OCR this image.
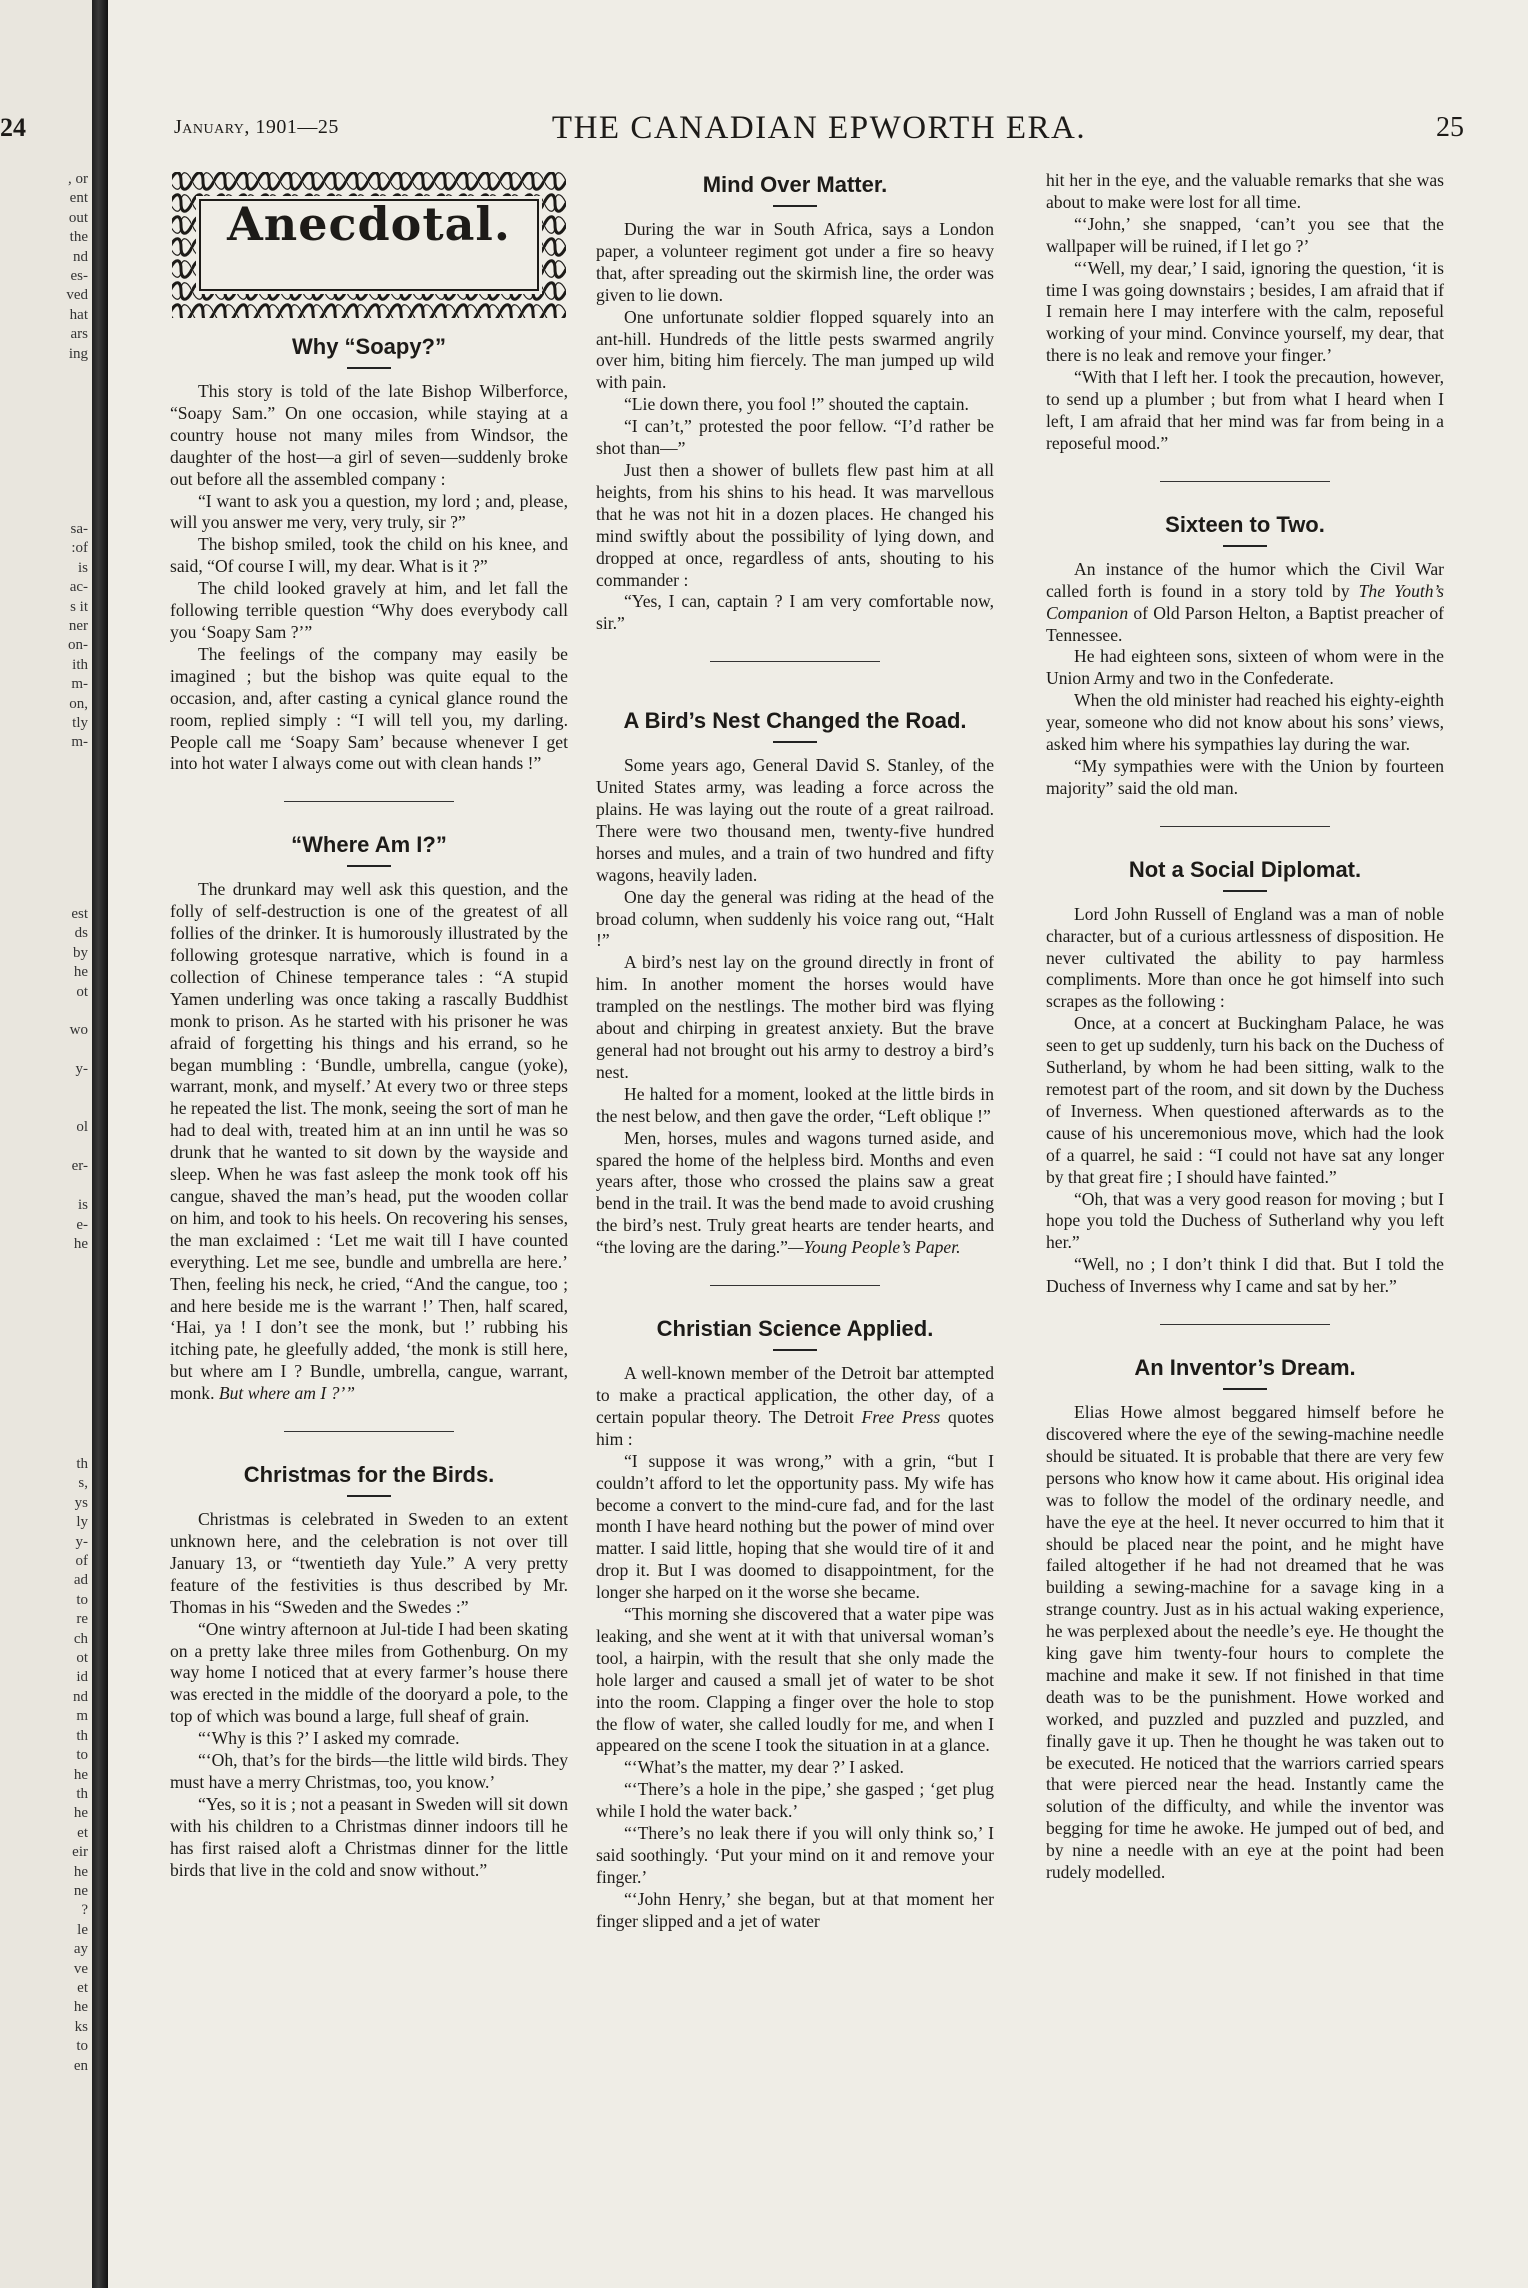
24
, or
ent
out
the
nd
es-
ved
hat
ars
ing
sa-
:of
is
ac-
s it
ner
on-
ith
m-
on,
tly
m-
est
ds
by
he
ot

wo

y-

ol

er-

is
e-
he
th
s,
ys
ly
y-
of
ad
to
re
ch
ot
id
nd
m
th
to
he
th
he
et
eir
he
ne
?
le
ay
ve
et
he
ks
to
en
January, 1901—25	THE CANADIAN EPWORTH ERA.	25
Anecdotal.
Why “Soapy?”

This story is told of the late Bishop Wilberforce, “Soapy Sam.” On one occasion, while staying at a country house not many miles from Windsor, the daughter of the host—a girl of seven—suddenly broke out before all the assembled company :

“I want to ask you a question, my lord ; and, please, will you answer me very, very truly, sir ?”

The bishop smiled, took the child on his knee, and said, “Of course I will, my dear. What is it ?”

The child looked gravely at him, and let fall the following terrible question “Why does everybody call you ‘Soapy Sam ?’”

The feelings of the company may easily be imagined ; but the bishop was quite equal to the occasion, and, after casting a cynical glance round the room, replied simply : “I will tell you, my darling. People call me ‘Soapy Sam’ because whenever I get into hot water I always come out with clean hands !”

“Where Am I?”

The drunkard may well ask this question, and the folly of self-destruction is one of the greatest of all follies of the drinker. It is humorously illustrated by the following grotesque narrative, which is found in a collection of Chinese temperance tales : “A stupid Yamen underling was once taking a rascally Buddhist monk to prison. As he started with his prisoner he was afraid of forgetting his things and his errand, so he began mumbling : ‘Bundle, umbrella, cangue (yoke), warrant, monk, and myself.’ At every two or three steps he repeated the list. The monk, seeing the sort of man he had to deal with, treated him at an inn until he was so drunk that he wanted to sit down by the wayside and sleep. When he was fast asleep the monk took off his cangue, shaved the man’s head, put the wooden collar on him, and took to his heels. On recovering his senses, the man exclaimed : ‘Let me wait till I have counted everything. Let me see, bundle and umbrella are here.’ Then, feeling his neck, he cried, “And the cangue, too ; and here beside me is the warrant !’ Then, half scared, ‘Hai, ya ! I don’t see the monk, but !’ rubbing his itching pate, he gleefully added, ‘the monk is still here, but where am I ? Bundle, umbrella, cangue, warrant, monk. But where am I ?’”

Christmas for the Birds.

Christmas is celebrated in Sweden to an extent unknown here, and the celebration is not over till January 13, or “twentieth day Yule.” A very pretty feature of the festivities is thus described by Mr. Thomas in his “Sweden and the Swedes :”

“One wintry afternoon at Jul-tide I had been skating on a pretty lake three miles from Gothenburg. On my way home I noticed that at every farmer’s house there was erected in the middle of the dooryard a pole, to the top of which was bound a large, full sheaf of grain.

“‘Why is this ?’ I asked my comrade.

“‘Oh, that’s for the birds—the little wild birds. They must have a merry Christmas, too, you know.’

“Yes, so it is ; not a peasant in Sweden will sit down with his children to a Christmas dinner indoors till he has first raised aloft a Christmas dinner for the little birds that live in the cold and snow without.”

Mind Over Matter.

During the war in South Africa, says a London paper, a volunteer regiment got under a fire so heavy that, after spreading out the skirmish line, the order was given to lie down.

One unfortunate soldier flopped squarely into an ant-hill. Hundreds of the little pests swarmed angrily over him, biting him fiercely. The man jumped up wild with pain.

“Lie down there, you fool !” shouted the captain.

“I can’t,” protested the poor fellow. “I’d rather be shot than—”

Just then a shower of bullets flew past him at all heights, from his shins to his head. It was marvellous that he was not hit in a dozen places. He changed his mind swiftly about the possibility of lying down, and dropped at once, regardless of ants, shouting to his commander :

“Yes, I can, captain ? I am very comfortable now, sir.”

A Bird’s Nest Changed the Road.

Some years ago, General David S. Stanley, of the United States army, was leading a force across the plains. He was laying out the route of a great railroad. There were two thousand men, twenty-five hundred horses and mules, and a train of two hundred and fifty wagons, heavily laden.

One day the general was riding at the head of the broad column, when suddenly his voice rang out, “Halt !”

A bird’s nest lay on the ground directly in front of him. In another moment the horses would have trampled on the nestlings. The mother bird was flying about and chirping in greatest anxiety. But the brave general had not brought out his army to destroy a bird’s nest.

He halted for a moment, looked at the little birds in the nest below, and then gave the order, “Left oblique !”

Men, horses, mules and wagons turned aside, and spared the home of the helpless bird. Months and even years after, those who crossed the plains saw a great bend in the trail. It was the bend made to avoid crushing the bird’s nest. Truly great hearts are tender hearts, and “the loving are the daring.”—Young People’s Paper.

Christian Science Applied.

A well-known member of the Detroit bar attempted to make a practical application, the other day, of a certain popular theory. The Detroit Free Press quotes him :

“I suppose it was wrong,” with a grin, “but I couldn’t afford to let the opportunity pass. My wife has become a convert to the mind-cure fad, and for the last month I have heard nothing but the power of mind over matter. I said little, hoping that she would tire of it and drop it. But I was doomed to disappointment, for the longer she harped on it the worse she became.

“This morning she discovered that a water pipe was leaking, and she went at it with that universal woman’s tool, a hairpin, with the result that she only made the hole larger and caused a small jet of water to be shot into the room. Clapping a finger over the hole to stop the flow of water, she called loudly for me, and when I appeared on the scene I took the situation in at a glance.

“‘What’s the matter, my dear ?’ I asked.

“‘There’s a hole in the pipe,’ she gasped ; ‘get plug while I hold the water back.’

“‘There’s no leak there if you will only think so,’ I said soothingly. ‘Put your mind on it and remove your finger.’

“‘John Henry,’ she began, but at that moment her finger slipped and a jet of water

hit her in the eye, and the valuable remarks that she was about to make were lost for all time.

“‘John,’ she snapped, ‘can’t you see that the wallpaper will be ruined, if I let go ?’

“‘Well, my dear,’ I said, ignoring the question, ‘it is time I was going downstairs ; besides, I am afraid that if I remain here I may interfere with the calm, reposeful working of your mind. Convince yourself, my dear, that there is no leak and remove your finger.’

“With that I left her. I took the precaution, however, to send up a plumber ; but from what I heard when I left, I am afraid that her mind was far from being in a reposeful mood.”

Sixteen to Two.

An instance of the humor which the Civil War called forth is found in a story told by The Youth’s Companion of Old Parson Helton, a Baptist preacher of Tennessee.

He had eighteen sons, sixteen of whom were in the Union Army and two in the Confederate.

When the old minister had reached his eighty-eighth year, someone who did not know about his sons’ views, asked him where his sympathies lay during the war.

“My sympathies were with the Union by fourteen majority” said the old man.

Not a Social Diplomat.

Lord John Russell of England was a man of noble character, but of a curious artlessness of disposition. He never cultivated the ability to pay harmless compliments. More than once he got himself into such scrapes as the following :

Once, at a concert at Buckingham Palace, he was seen to get up suddenly, turn his back on the Duchess of Sutherland, by whom he had been sitting, walk to the remotest part of the room, and sit down by the Duchess of Inverness. When questioned afterwards as to the cause of his unceremonious move, which had the look of a quarrel, he said : “I could not have sat any longer by that great fire ; I should have fainted.”

“Oh, that was a very good reason for moving ; but I hope you told the Duchess of Sutherland why you left her.”

“Well, no ; I don’t think I did that. But I told the Duchess of Inverness why I came and sat by her.”

An Inventor’s Dream.

Elias Howe almost beggared himself before he discovered where the eye of the sewing-machine needle should be situated. It is probable that there are very few persons who know how it came about. His original idea was to follow the model of the ordinary needle, and have the eye at the heel. It never occurred to him that it should be placed near the point, and he might have failed altogether if he had not dreamed that he was building a sewing-machine for a savage king in a strange country. Just as in his actual waking experience, he was perplexed about the needle’s eye. He thought the king gave him twenty-four hours to complete the machine and make it sew. If not finished in that time death was to be the punishment. Howe worked and worked, and puzzled and puzzled and puzzled, and finally gave it up. Then he thought he was taken out to be executed. He noticed that the warriors carried spears that were pierced near the head. Instantly came the solution of the difficulty, and while the inventor was begging for time he awoke. He jumped out of bed, and by nine a needle with an eye at the point had been rudely modelled.
